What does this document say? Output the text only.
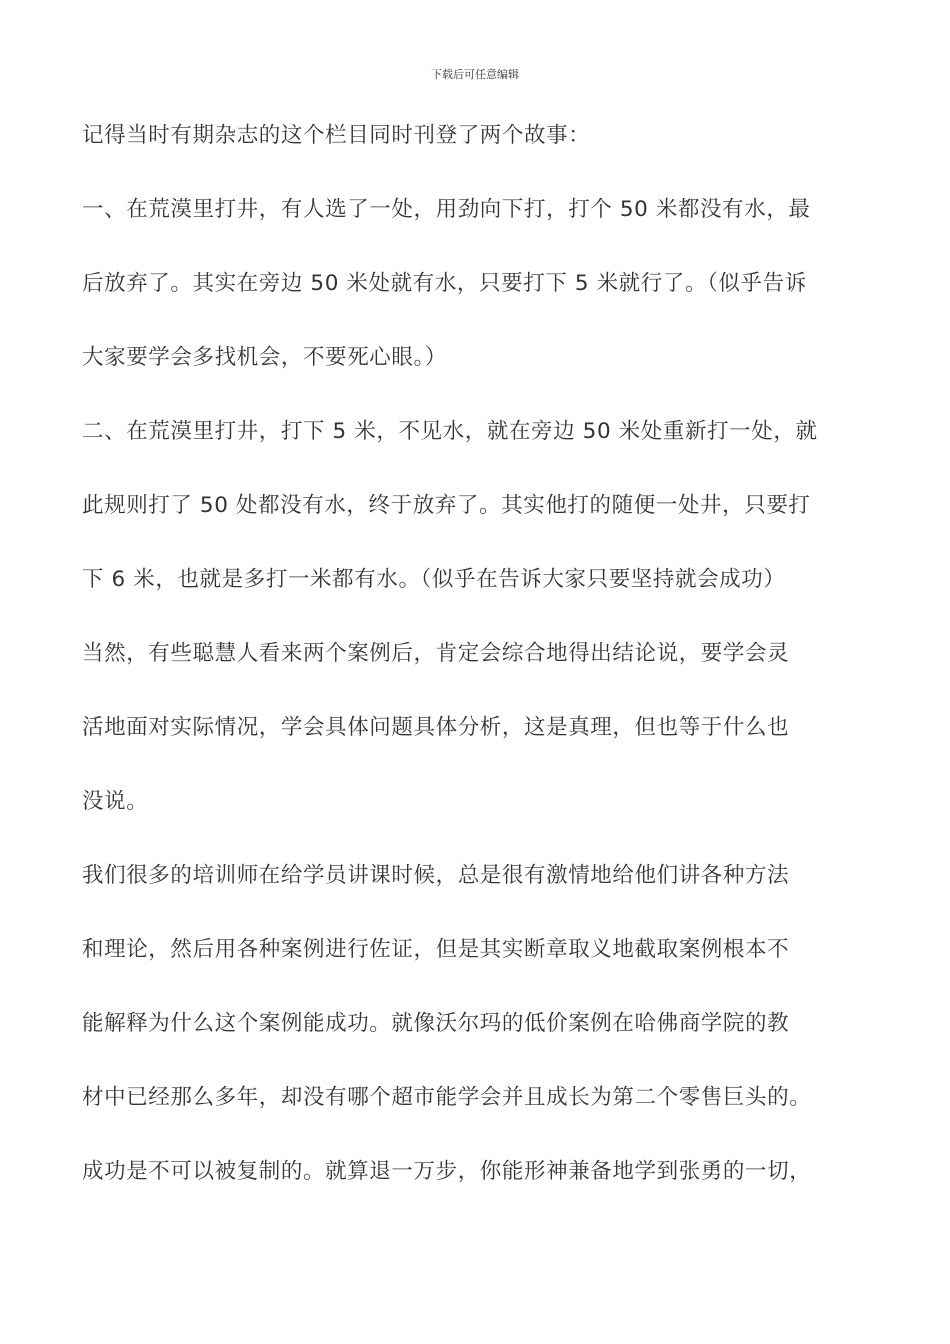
下载后可任意编辑
记得当时有期杂志的这个栏目同时刊登了两个故事：
一、在荒漠里打井，有人选了一处，用劲向下打，打个 50 米都没有水，最
后放弃了。其实在旁边 50 米处就有水，只要打下 5 米就行了。（似乎告诉
大家要学会多找机会，不要死心眼。）
二、在荒漠里打井，打下 5 米，不见水，就在旁边 50 米处重新打一处，就
此规则打了 50 处都没有水，终于放弃了。其实他打的随便一处井，只要打
下 6 米，也就是多打一米都有水。（似乎在告诉大家只要坚持就会成功）
当然，有些聪慧人看来两个案例后，肯定会综合地得出结论说，要学会灵
活地面对实际情况，学会具体问题具体分析，这是真理，但也等于什么也
没说。
我们很多的培训师在给学员讲课时候，总是很有激情地给他们讲各种方法
和理论，然后用各种案例进行佐证，但是其实断章取义地截取案例根本不
能解释为什么这个案例能成功。就像沃尔玛的低价案例在哈佛商学院的教
材中已经那么多年，却没有哪个超市能学会并且成长为第二个零售巨头的。
成功是不可以被复制的。就算退一万步，你能形神兼备地学到张勇的一切，
